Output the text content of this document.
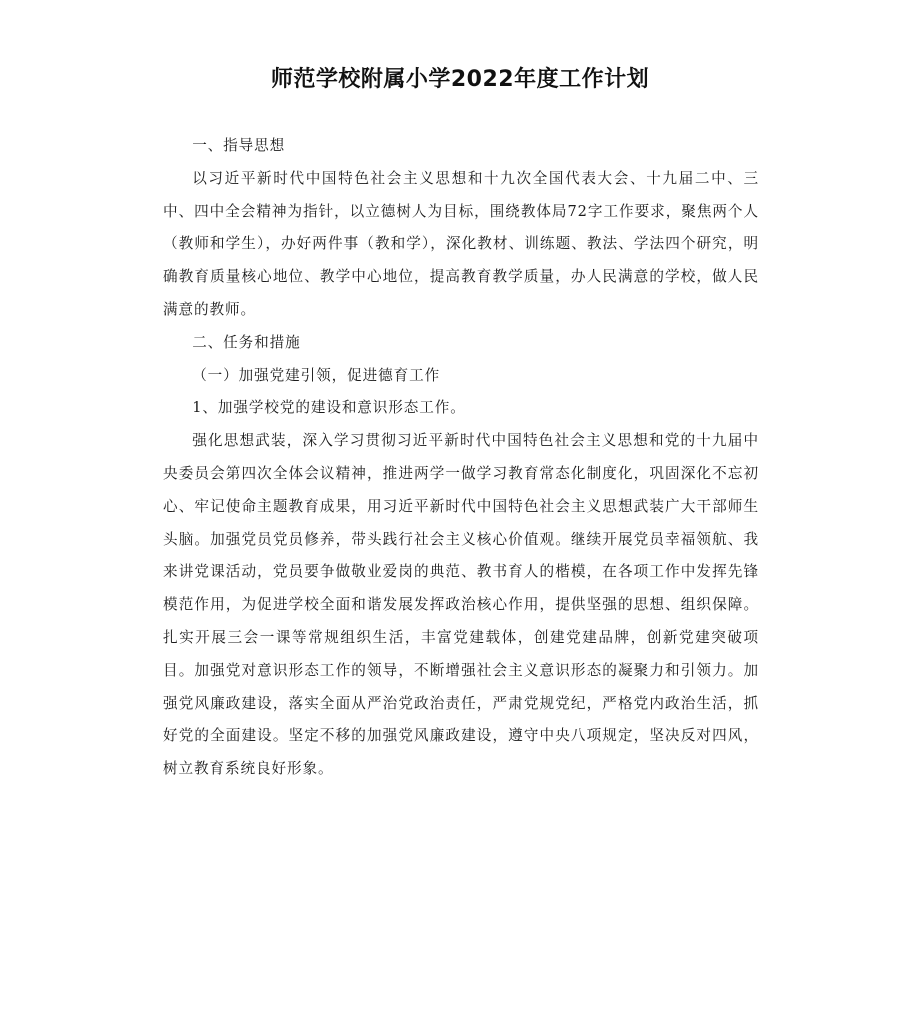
师范学校附属小学2022年度工作计划

一、指导思想

以习近平新时代中国特色社会主义思想和十九次全国代表大会、十九届二中、三中、四中全会精神为指针，以立德树人为目标，围绕教体局72字工作要求，聚焦两个人（教师和学生），办好两件事（教和学），深化教材、训练题、教法、学法四个研究，明确教育质量核心地位、教学中心地位，提高教育教学质量，办人民满意的学校，做人民满意的教师。

二、任务和措施

（一）加强党建引领，促进德育工作

1、加强学校党的建设和意识形态工作。

强化思想武装，深入学习贯彻习近平新时代中国特色社会主义思想和党的十九届中央委员会第四次全体会议精神，推进两学一做学习教育常态化制度化，巩固深化不忘初心、牢记使命主题教育成果，用习近平新时代中国特色社会主义思想武装广大干部师生头脑。加强党员党员修养，带头践行社会主义核心价值观。继续开展党员幸福领航、我来讲党课活动，党员要争做敬业爱岗的典范、教书育人的楷模，在各项工作中发挥先锋模范作用，为促进学校全面和谐发展发挥政治核心作用，提供坚强的思想、组织保障。扎实开展三会一课等常规组织生活，丰富党建载体，创建党建品牌，创新党建突破项目。加强党对意识形态工作的领导，不断增强社会主义意识形态的凝聚力和引领力。加强党风廉政建设，落实全面从严治党政治责任，严肃党规党纪，严格党内政治生活，抓好党的全面建设。坚定不移的加强党风廉政建设，遵守中央八项规定，坚决反对四风，树立教育系统良好形象。
